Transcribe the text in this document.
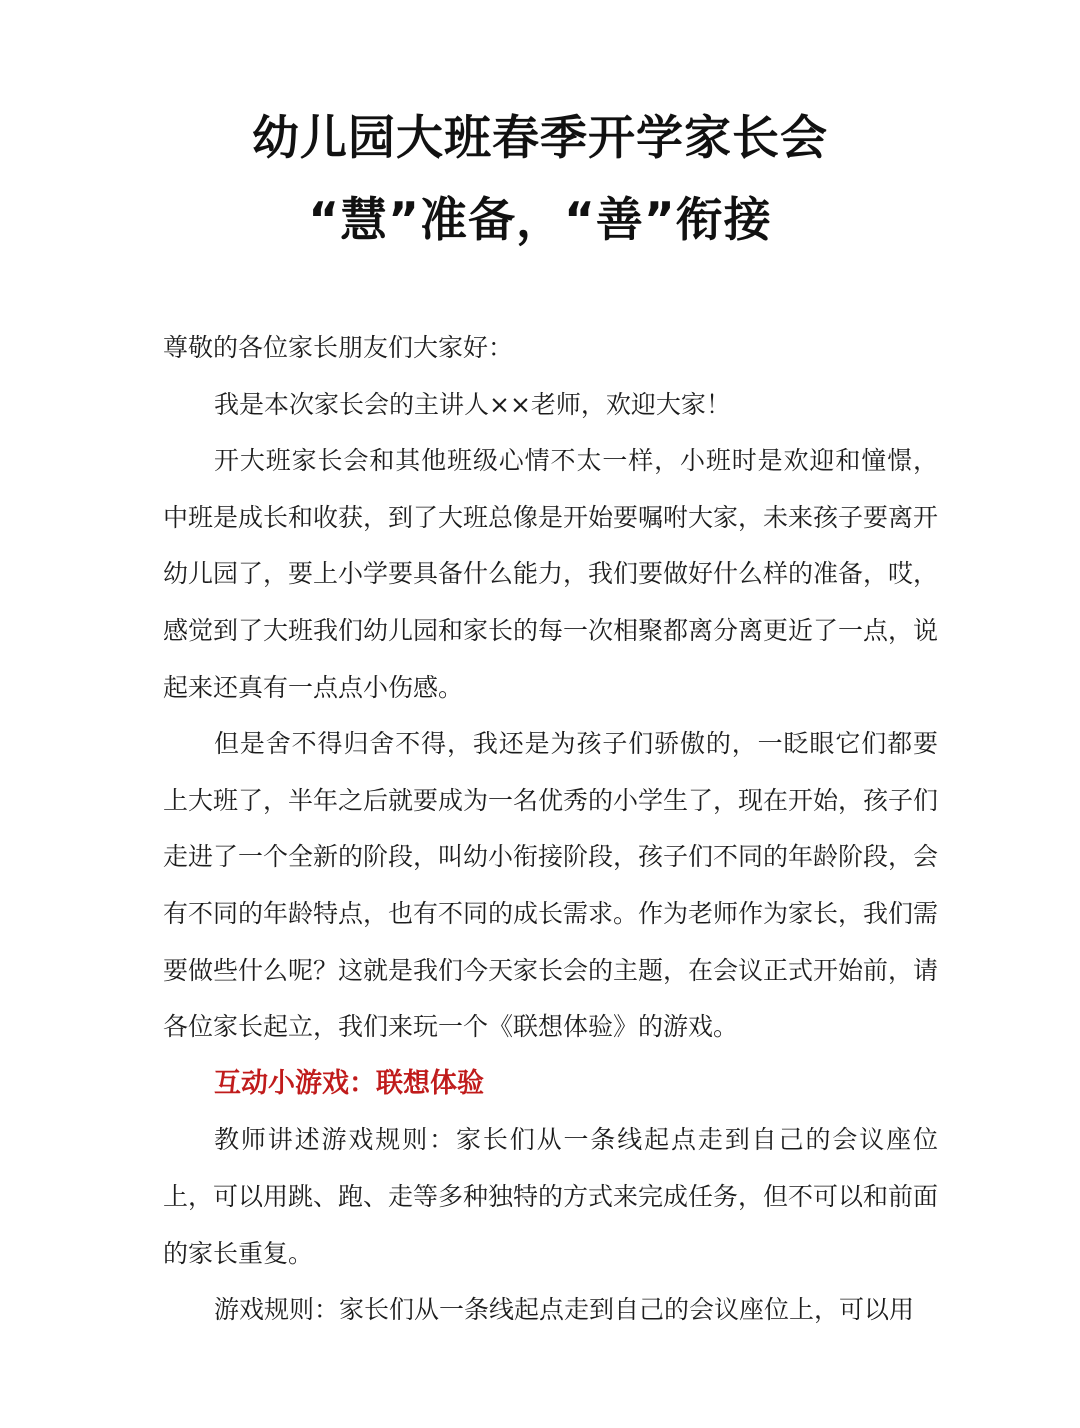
幼儿园大班春季开学家长会
“慧”准备，“善”衔接

尊敬的各位家长朋友们大家好：

我是本次家长会的主讲人××老师，欢迎大家！

开大班家长会和其他班级心情不太一样，小班时是欢迎和憧憬，中班是成长和收获，到了大班总像是开始要嘱咐大家，未来孩子要离开幼儿园了，要上小学要具备什么能力，我们要做好什么样的准备，哎，感觉到了大班我们幼儿园和家长的每一次相聚都离分离更近了一点，说起来还真有一点点小伤感。

但是舍不得归舍不得，我还是为孩子们骄傲的，一眨眼它们都要上大班了，半年之后就要成为一名优秀的小学生了，现在开始，孩子们走进了一个全新的阶段，叫幼小衔接阶段，孩子们不同的年龄阶段，会有不同的年龄特点，也有不同的成长需求。作为老师作为家长，我们需要做些什么呢？这就是我们今天家长会的主题，在会议正式开始前，请各位家长起立，我们来玩一个《联想体验》的游戏。

互动小游戏：联想体验

教师讲述游戏规则：家长们从一条线起点走到自己的会议座位上，可以用跳、跑、走等多种独特的方式来完成任务，但不可以和前面的家长重复。

游戏规则：家长们从一条线起点走到自己的会议座位上，可以用
